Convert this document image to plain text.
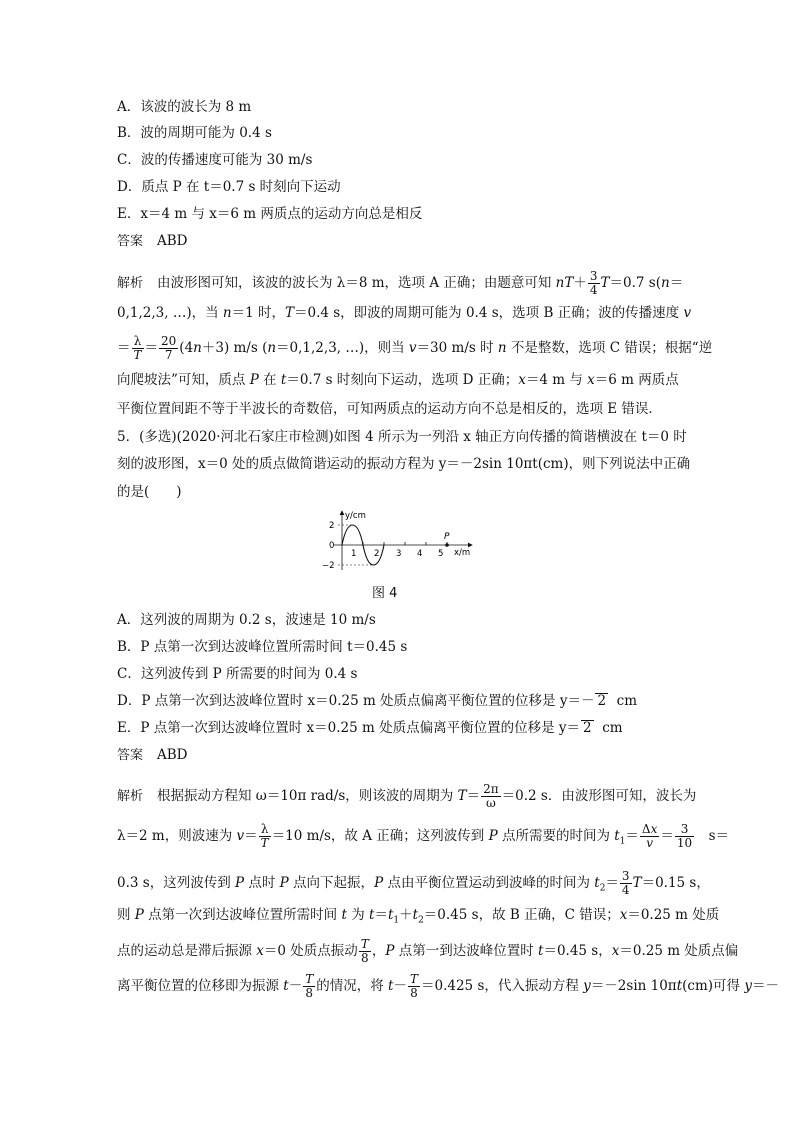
A．该波的波长为 8 m
B．波的周期可能为 0.4 s
C．波的传播速度可能为 30 m/s
D．质点 P 在 t＝0.7 s 时刻向下运动
E．x＝4 m 与 x＝6 m 两质点的运动方向总是相反
答案 ABD
解析 由波形图可知，该波的波长为 λ＝8 m，选项 A 正确；由题意可知 $nT+ \frac{3}{4} T=0.7$ s(n＝
0,1,2,3, …)，当 n＝1 时，T＝0.4 s，即波的周期可能为 0.4 s，选项 B 正确；波的传播速度 v
＝ $\frac{\lambda}{T} = \frac{20}{7} (4n+3)$ m/s (n＝0,1,2,3, …)，则当 v＝30 m/s 时 n 不是整数，选项 C 错误；根据“逆
向爬坡法”可知，质点 P 在 t＝0.7 s 时刻向下运动，选项 D 正确；x＝4 m 与 x＝6 m 两质点
平衡位置间距不等于半波长的奇数倍，可知两质点的运动方向不总是相反的，选项 E 错误．
5．(多选)(2020·河北石家庄市检测)如图 4 所示为一列沿 x 轴正方向传播的简谐横波在 t＝0 时
刻的波形图，x＝0 处的质点做简谐运动的振动方程为 y＝－2sin 10πt(cm)，则下列说法中正确
的是(　　)
P
y/cm
x/m
2
0
−2
1 2 3 4 5
图 4
A．这列波的周期为 0.2 s，波速是 10 m/s
B．P 点第一次到达波峰位置所需时间 t＝0.45 s
C．这列波传到 P 所需要的时间为 0.4 s
D．P 点第一次到达波峰位置时 x＝0.25 m 处质点偏离平衡位置的位移是 y＝－ 2 cm
E．P 点第一次到达波峰位置时 x＝0.25 m 处质点偏离平衡位置的位移是 y＝ 2 cm
答案 ABD
解析 根据振动方程知 ω＝10π rad/s，则该波的周期为 $T= \frac{2\pi}{\omega} =0.2$ s．由波形图可知，波长为
λ＝2 m，则波速为 $v= \frac{\lambda}{T} =10$ m/s，故 A 正确；这列波传到 P 点所需要的时间为 $t_1= \frac{\Delta x}{v} = \frac{3}{10}$ 　s＝
0.3 s，这列波传到 P 点时 P 点向下起振，P 点由平衡位置运动到波峰的时间为 $t_2= \frac{3}{4} T=0.15$ s，
则 P 点第一次到达波峰位置所需时间 t 为 $t=t_1+t_2=0.45$ s，故 B 正确，C 错误；x＝0.25 m 处质
点的运动总是滞后振源 x＝0 处质点振动 $\frac{T}{8}$ ，P 点第一到达波峰位置时 t＝0.45 s，x＝0.25 m 处质点偏
离平衡位置的位移即为振源 $t- \frac{T}{8}$ 的情况，将 $t- \frac{T}{8} =0.425$ s，代入振动方程 y＝－2sin 10πt(cm)可得 y＝－
